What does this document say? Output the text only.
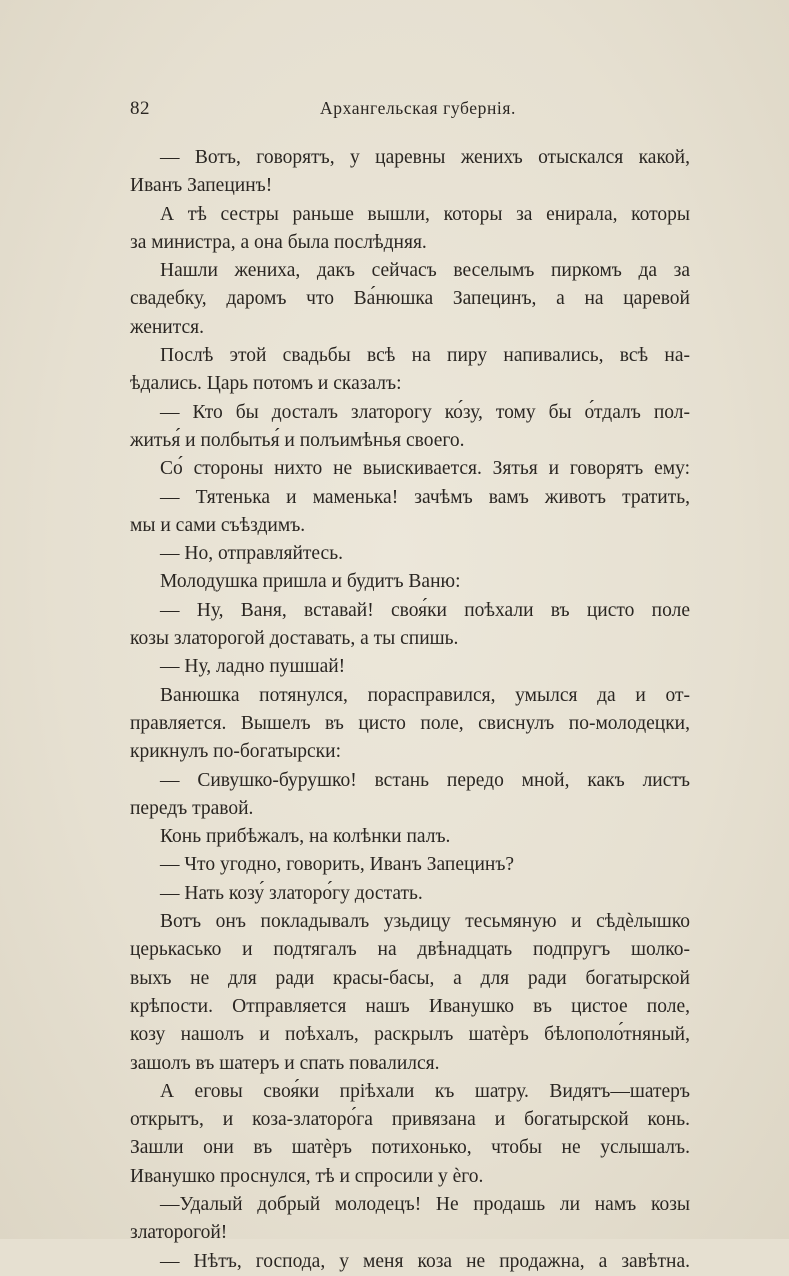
82	Архангельская губернія.
— Вотъ, говорятъ, у царевны женихъ отыскался какой,
Иванъ Запецинъ!
А тѣ сестры раньше вышли, которы за енирала, которы
за министра, а она была послѣдняя.
Нашли жениха, дакъ сейчасъ веселымъ пиркомъ да за
свадебку, даромъ что Ва́нюшка Запецинъ, а на царевой
женится.
Послѣ этой свадьбы всѣ на пиру напивались, всѣ на-
ѣдались. Царь потомъ и сказалъ:
— Кто бы досталъ златорогу ко́зу, тому бы о́тдалъ пол-
житья́ и полбытья́ и полъимѣнья своего.
Со́ стороны нихто не выискивается. Зятья и говорятъ ему:
— Тятенька и маменька! зачѣмъ вамъ животъ тратить,
мы и сами съѣздимъ.
— Но, отправляйтесь.
Молодушка пришла и будитъ Ваню:
— Ну, Ваня, вставай! своя́ки поѣхали въ цисто поле
козы златорогой доставать, а ты спишь.
— Ну, ладно пушшай!
Ванюшка потянулся, порасправился, умылся да и от-
правляется. Вышелъ въ цисто поле, свиснулъ по-молодецки,
крикнулъ по-богатырски:
— Сивушко-бурушко! встань передо мной, какъ листъ
передъ травой.
Конь прибѣжалъ, на колѣнки палъ.
— Что угодно, говорить, Иванъ Запецинъ?
— Нать козу́ златоро́гу достать.
Вотъ онъ покладывалъ узьдицу тесьмяную и сѣдѐлышко
церькасько и подтягалъ на двѣнадцать подпругъ шолко-
выхъ не для ради красы-басы, а для ради богатырской
крѣпости. Отправляется нашъ Иванушко въ цистое поле,
козу нашолъ и поѣхалъ, раскрылъ шатѐръ бѣлополо́тняный,
зашолъ въ шатеръ и спать повалился.
А еговы своя́ки пріѣхали къ шатру. Видятъ—шатеръ
открытъ, и коза-златоро́га привязана и богатырской конь.
Зашли они въ шатѐръ потихонько, чтобы не услышалъ.
Иванушко проснулся, тѣ и спросили у ѐго.
—Удалый добрый молодецъ! Не продашь ли намъ козы
златорогой!
— Нѣтъ, господа, у меня коза не продажна, а завѣтна.
